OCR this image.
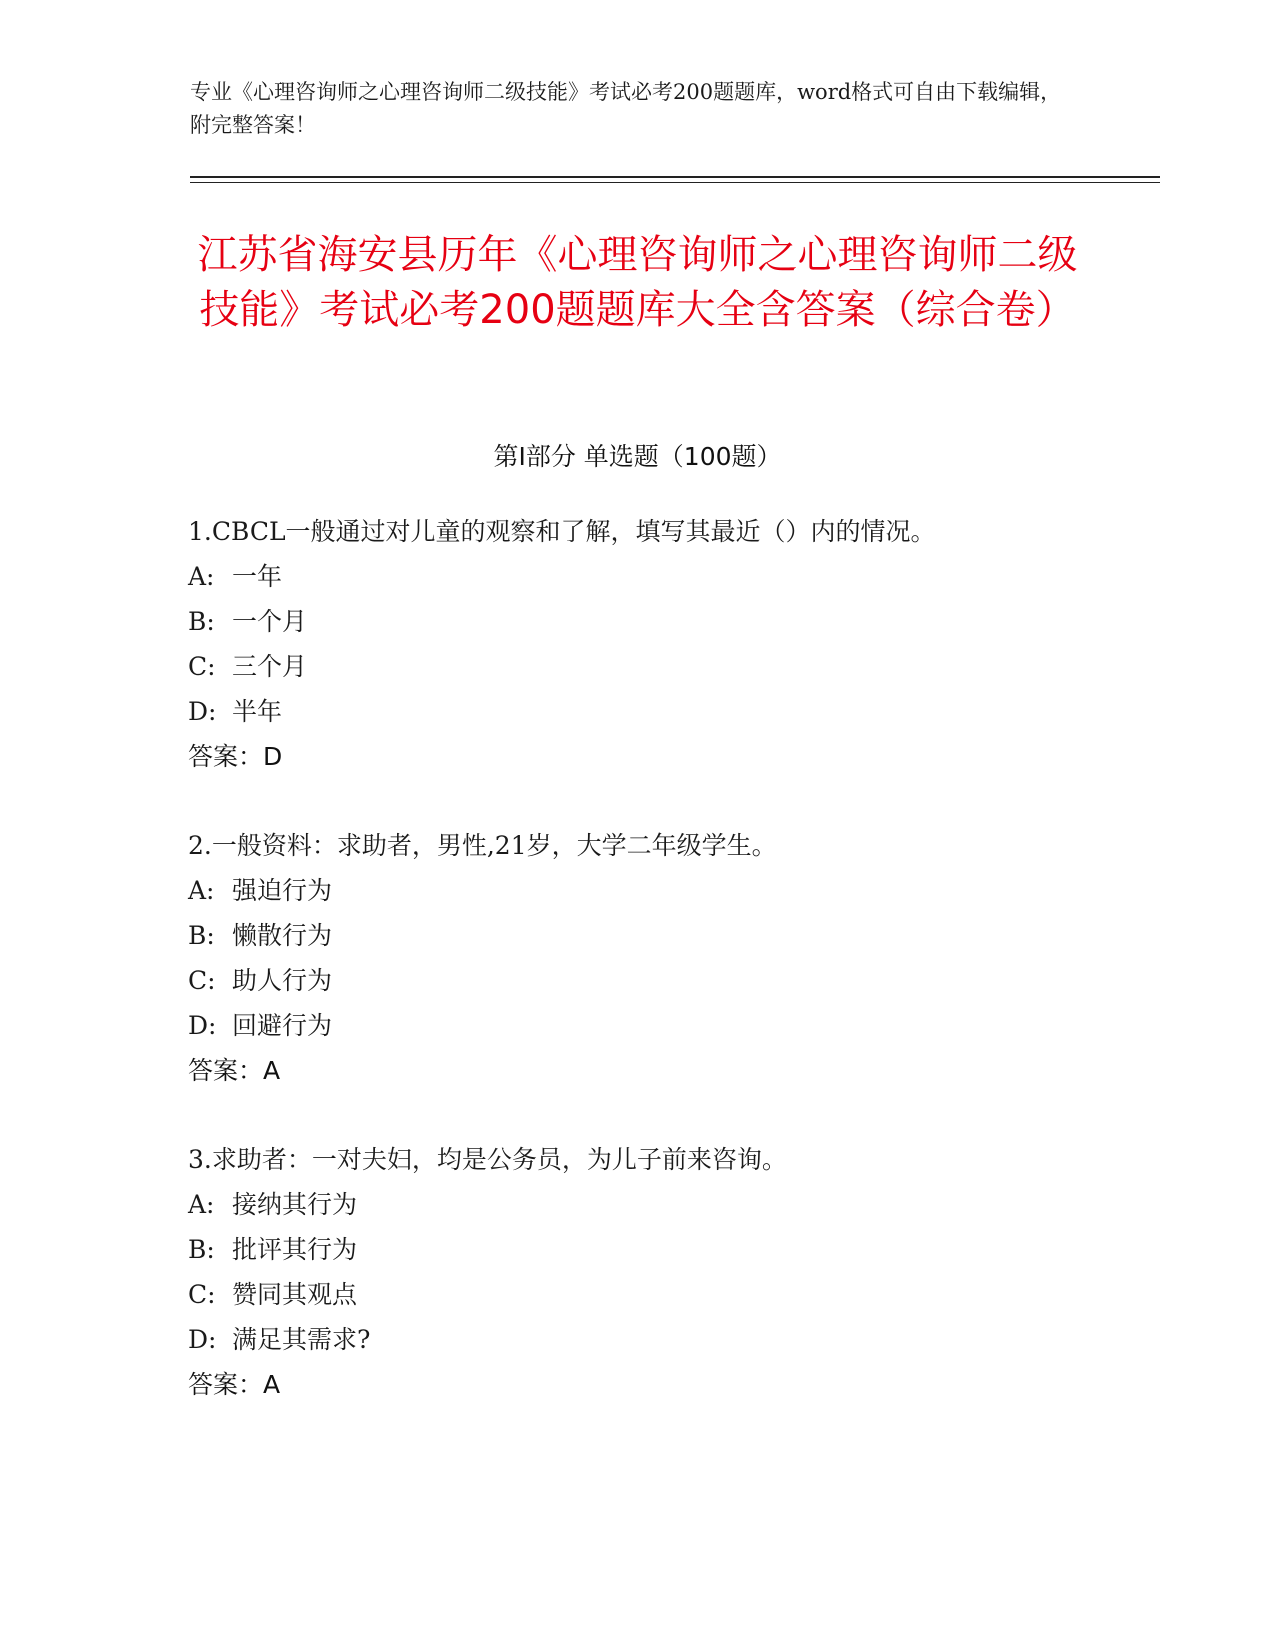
专业《心理咨询师之心理咨询师二级技能》考试必考200题题库，word格式可自由下载编辑，附完整答案！
江苏省海安县历年《心理咨询师之心理咨询师二级技能》考试必考200题题库大全含答案（综合卷）
第Ⅰ部分 单选题（100题）
1.CBCL一般通过对儿童的观察和了解，填写其最近（）内的情况。
A: 一年
B: 一个月
C: 三个月
D: 半年
答案：D
2.一般资料：求助者，男性,21岁，大学二年级学生。
A: 强迫行为
B: 懒散行为
C: 助人行为
D: 回避行为
答案：A
3.求助者：一对夫妇，均是公务员，为儿子前来咨询。
A: 接纳其行为
B: 批评其行为
C: 赞同其观点
D: 满足其需求?
答案：A
